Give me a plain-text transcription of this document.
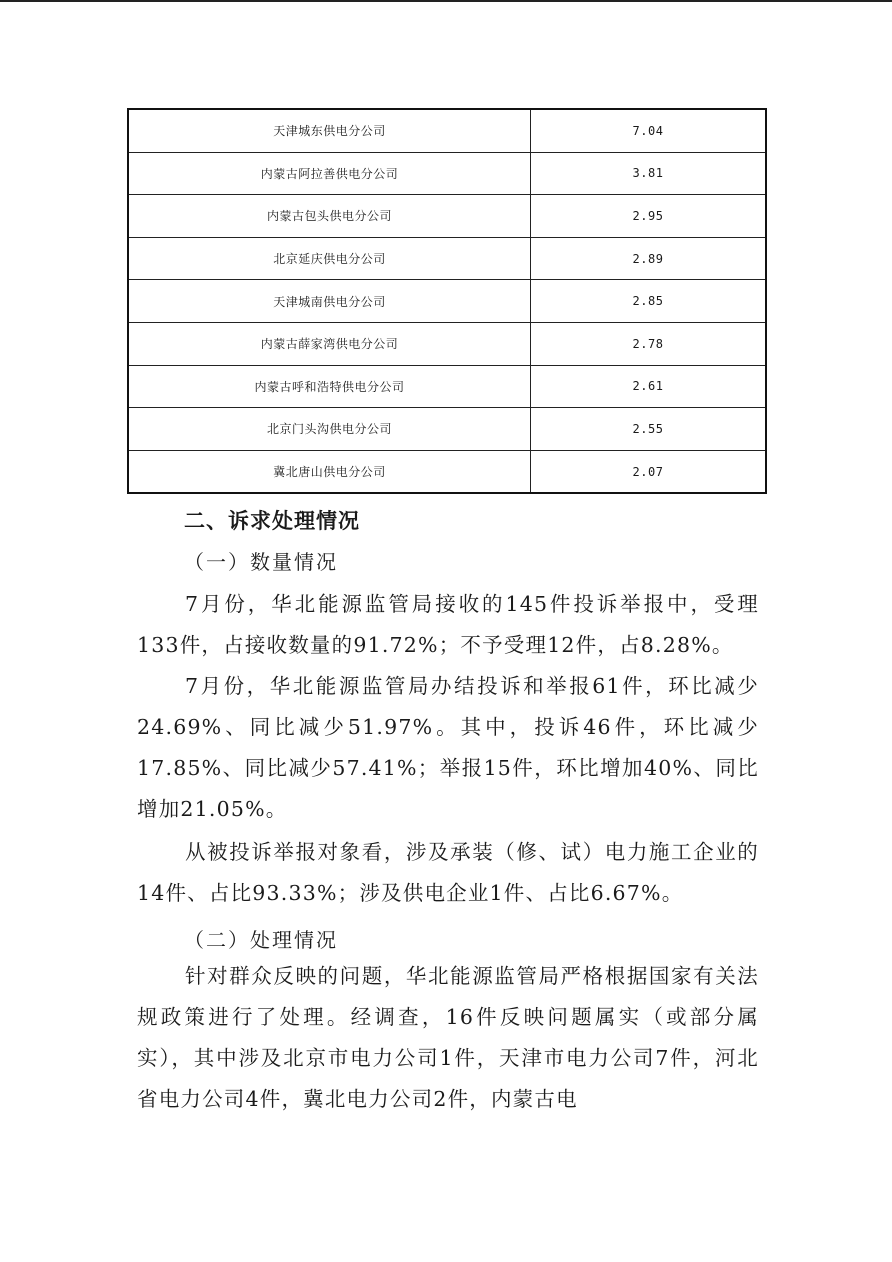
天津城东供电分公司	7.04
内蒙古阿拉善供电分公司	3.81
内蒙古包头供电分公司	2.95
北京延庆供电分公司	2.89
天津城南供电分公司	2.85
内蒙古薛家湾供电分公司	2.78
内蒙古呼和浩特供电分公司	2.61
北京门头沟供电分公司	2.55
冀北唐山供电分公司	2.07
二、诉求处理情况
（一）数量情况
7月份，华北能源监管局接收的145件投诉举报中，受理133件，占接收数量的91.72%；不予受理12件，占8.28%。
7月份，华北能源监管局办结投诉和举报61件，环比减少24.69%、同比减少51.97%。其中，投诉46件，环比减少17.85%、同比减少57.41%；举报15件，环比增加40%、同比增加21.05%。
从被投诉举报对象看，涉及承装（修、试）电力施工企业的14件、占比93.33%；涉及供电企业1件、占比6.67%。
（二）处理情况
针对群众反映的问题，华北能源监管局严格根据国家有关法规政策进行了处理。经调查，16件反映问题属实（或部分属实），其中涉及北京市电力公司1件，天津市电力公司7件，河北省电力公司4件，冀北电力公司2件，内蒙古电
